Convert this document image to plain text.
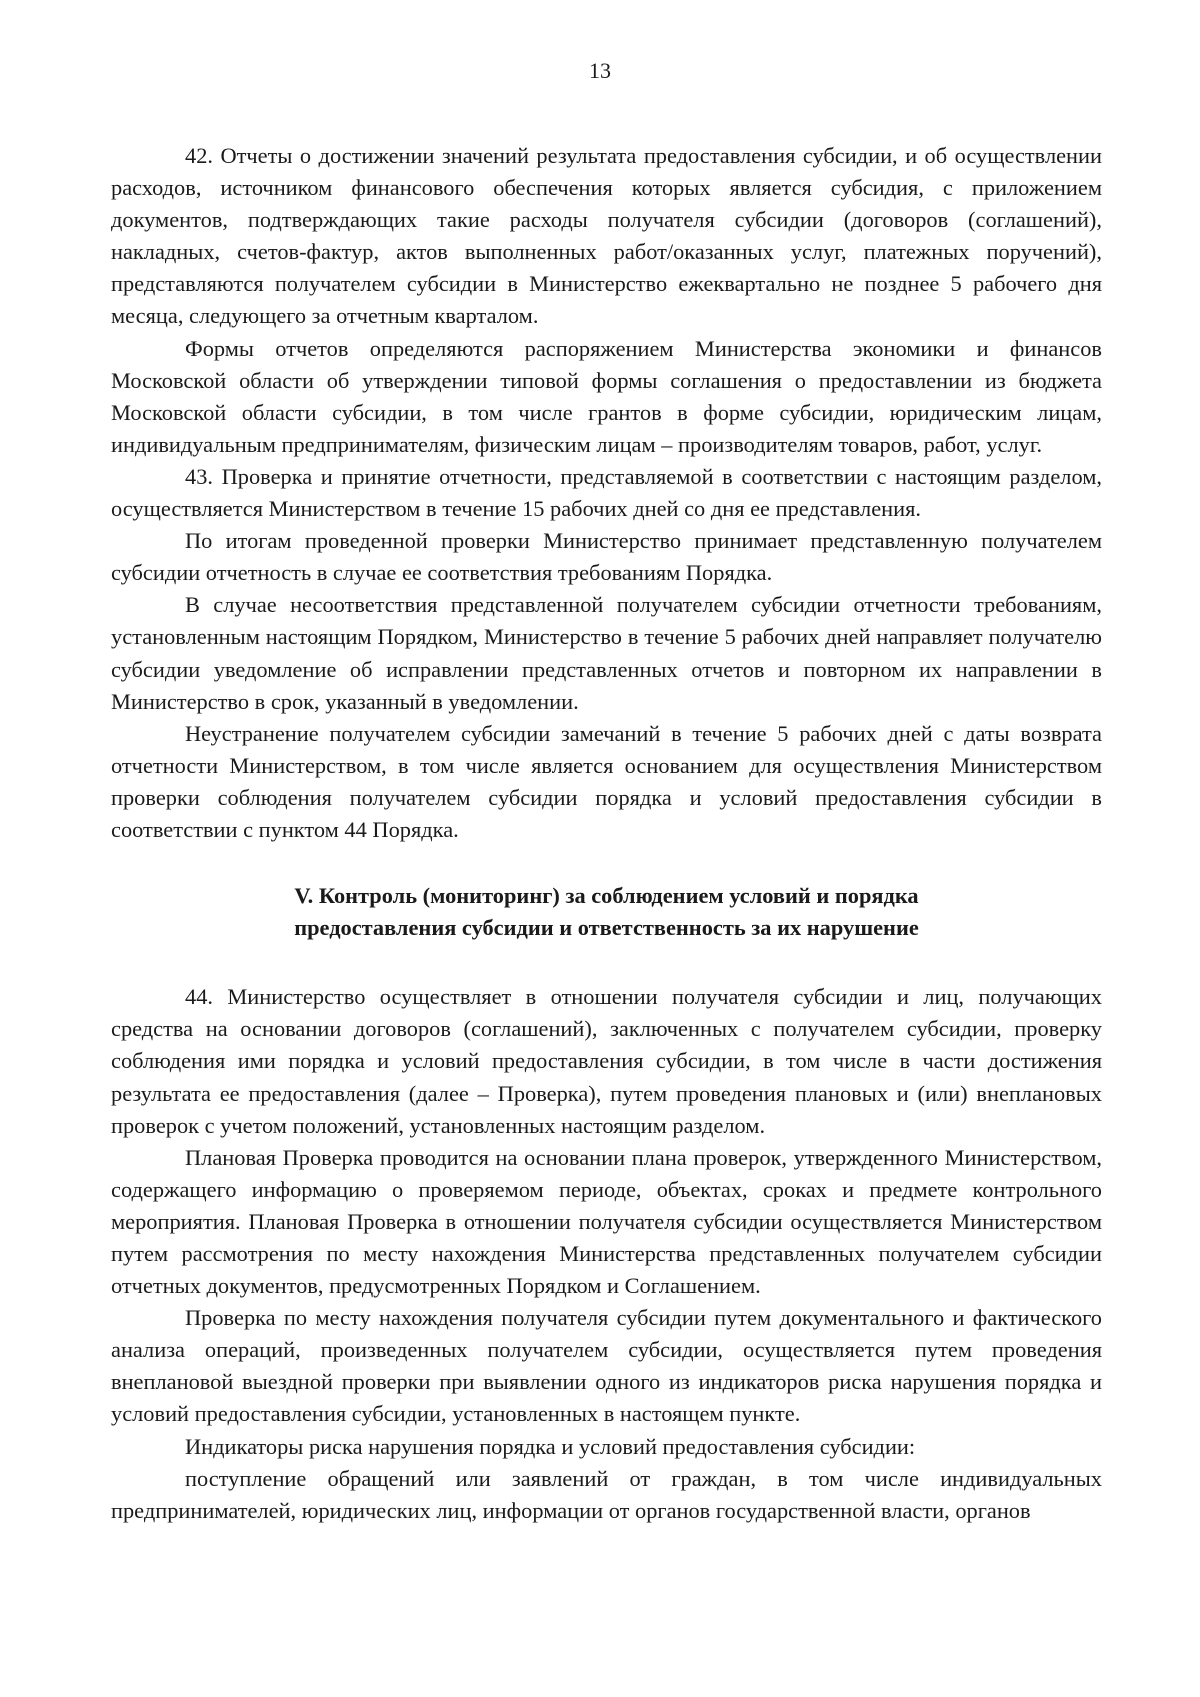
13

42. Отчеты о достижении значений результата предоставления субсидии, и об осуществлении расходов, источником финансового обеспечения которых является субсидия, с приложением документов, подтверждающих такие расходы получателя субсидии (договоров (соглашений), накладных, счетов-фактур, актов выполненных работ/оказанных услуг, платежных поручений), представляются получателем субсидии в Министерство ежеквартально не позднее 5 рабочего дня месяца, следующего за отчетным кварталом.

Формы отчетов определяются распоряжением Министерства экономики и финансов Московской области об утверждении типовой формы соглашения о предоставлении из бюджета Московской области субсидии, в том числе грантов в форме субсидии, юридическим лицам, индивидуальным предпринимателям, физическим лицам – производителям товаров, работ, услуг.

43. Проверка и принятие отчетности, представляемой в соответствии с настоящим разделом, осуществляется Министерством в течение 15 рабочих дней со дня ее представления.

По итогам проведенной проверки Министерство принимает представленную получателем субсидии отчетность в случае ее соответствия требованиям Порядка.

В случае несоответствия представленной получателем субсидии отчетности требованиям, установленным настоящим Порядком, Министерство в течение 5 рабочих дней направляет получателю субсидии уведомление об исправлении представленных отчетов и повторном их направлении в Министерство в срок, указанный в уведомлении.

Неустранение получателем субсидии замечаний в течение 5 рабочих дней с даты возврата отчетности Министерством, в том числе является основанием для осуществления Министерством проверки соблюдения получателем субсидии порядка и условий предоставления субсидии в соответствии с пунктом 44 Порядка.

V. Контроль (мониторинг) за соблюдением условий и порядка
предоставления субсидии и ответственность за их нарушение

44. Министерство осуществляет в отношении получателя субсидии и лиц, получающих средства на основании договоров (соглашений), заключенных с получателем субсидии, проверку соблюдения ими порядка и условий предоставления субсидии, в том числе в части достижения результата ее предоставления (далее – Проверка), путем проведения плановых и (или) внеплановых проверок с учетом положений, установленных настоящим разделом.

Плановая Проверка проводится на основании плана проверок, утвержденного Министерством, содержащего информацию о проверяемом периоде, объектах, сроках и предмете контрольного мероприятия. Плановая Проверка в отношении получателя субсидии осуществляется Министерством путем рассмотрения по месту нахождения Министерства представленных получателем субсидии отчетных документов, предусмотренных Порядком и Соглашением.

Проверка по месту нахождения получателя субсидии путем документального и фактического анализа операций, произведенных получателем субсидии, осуществляется путем проведения внеплановой выездной проверки при выявлении одного из индикаторов риска нарушения порядка и условий предоставления субсидии, установленных в настоящем пункте.

Индикаторы риска нарушения порядка и условий предоставления субсидии:

поступление обращений или заявлений от граждан, в том числе индивидуальных предпринимателей, юридических лиц, информации от органов государственной власти, органов
